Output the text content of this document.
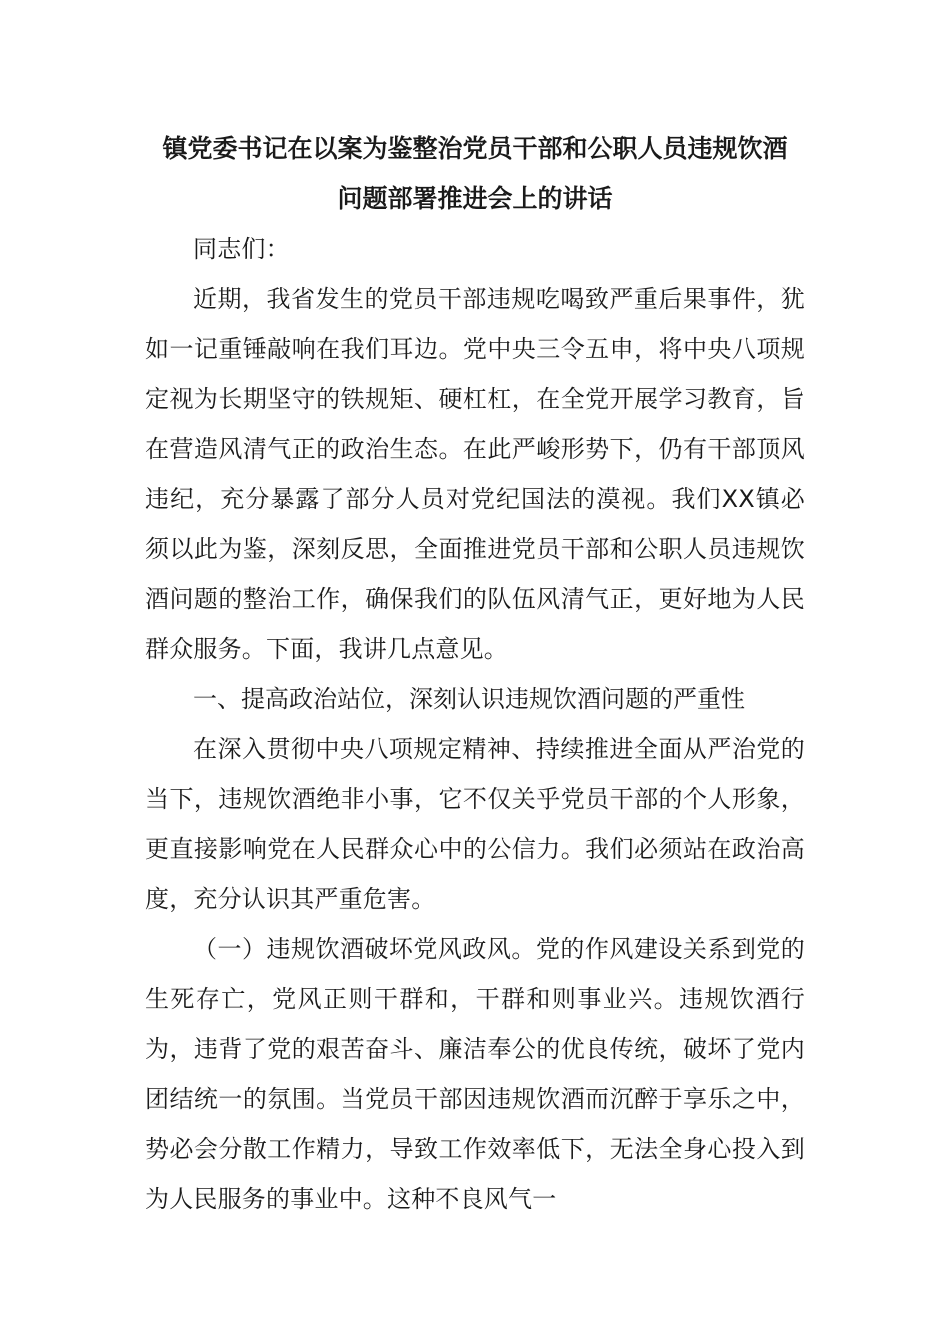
镇党委书记在以案为鉴整治党员干部和公职人员违规饮酒
问题部署推进会上的讲话

同志们：

近期，我省发生的党员干部违规吃喝致严重后果事件，犹如一记重锤敲响在我们耳边。党中央三令五申，将中央八项规定视为长期坚守的铁规矩、硬杠杠，在全党开展学习教育，旨在营造风清气正的政治生态。在此严峻形势下，仍有干部顶风违纪，充分暴露了部分人员对党纪国法的漠视。我们XX镇必须以此为鉴，深刻反思，全面推进党员干部和公职人员违规饮酒问题的整治工作，确保我们的队伍风清气正，更好地为人民群众服务。下面，我讲几点意见。

一、提高政治站位，深刻认识违规饮酒问题的严重性

在深入贯彻中央八项规定精神、持续推进全面从严治党的当下，违规饮酒绝非小事，它不仅关乎党员干部的个人形象，更直接影响党在人民群众心中的公信力。我们必须站在政治高度，充分认识其严重危害。

（一）违规饮酒破坏党风政风。党的作风建设关系到党的生死存亡，党风正则干群和，干群和则事业兴。违规饮酒行为，违背了党的艰苦奋斗、廉洁奉公的优良传统，破坏了党内团结统一的氛围。当党员干部因违规饮酒而沉醉于享乐之中，势必会分散工作精力，导致工作效率低下，无法全身心投入到为人民服务的事业中。这种不良风气一
